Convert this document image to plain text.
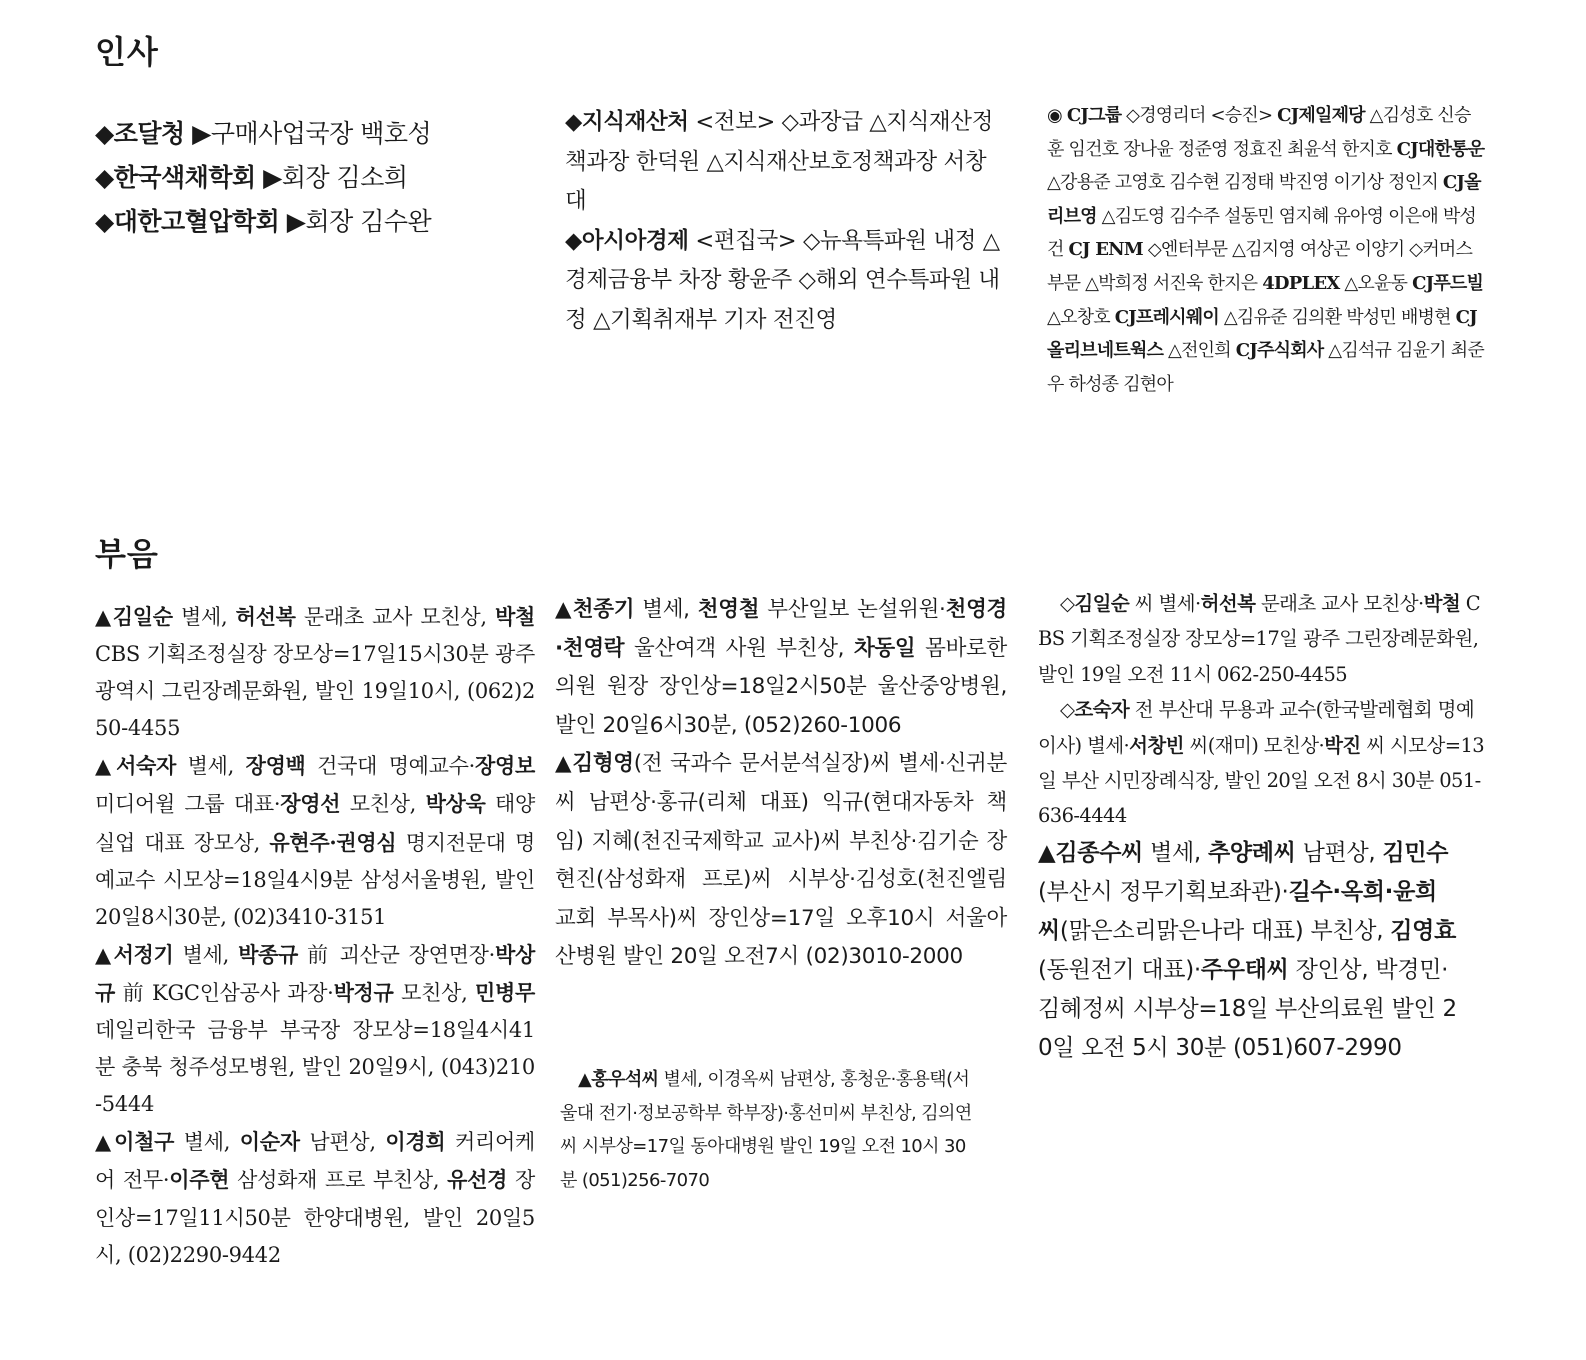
인사
부음

◆조달청 ▶구매사업국장 백호성

◆한국색채학회 ▶회장 김소희

◆대한고혈압학회 ▶회장 김수완

◆지식재산처 <전보> ◇과장급 △지식재산정책과장 한덕원 △지식재산보호정책과장 서창대

◆아시아경제 <편집국> ◇뉴욕특파원 내정 △경제금융부 차장 황윤주 ◇해외 연수특파원 내정 △기획취재부 기자 전진영

◉ CJ그룹 ◇경영리더 <승진> CJ제일제당 △김성호 신승훈 임건호 장나윤 정준영 정효진 최윤석 한지호 CJ대한통운 △강용준 고영호 김수현 김정태 박진영 이기상 정인지 CJ올리브영 △김도영 김수주 설동민 염지혜 유아영 이은애 박성건 CJ ENM ◇엔터부문 △김지영 여상곤 이양기 ◇커머스부문 △박희정 서진욱 한지은 4DPLEX △오윤동 CJ푸드빌 △오창호 CJ프레시웨이 △김유준 김의환 박성민 배병현 CJ올리브네트웍스 △전인희 CJ주식회사 △김석규 김윤기 최준우 하성종 김현아

▲김일순 별세, 허선복 문래초 교사 모친상, 박철 CBS 기획조정실장 장모상=17일15시30분 광주광역시 그린장례문화원, 발인 19일10시, (062)250-4455

▲서숙자 별세, 장영백 건국대 명예교수·장영보 미디어윌 그룹 대표·장영선 모친상, 박상욱 태양실업 대표 장모상, 유현주·권영심 명지전문대 명예교수 시모상=18일4시9분 삼성서울병원, 발인 20일8시30분, (02)3410-3151

▲서정기 별세, 박종규 前 괴산군 장연면장·박상규 前 KGC인삼공사 과장·박정규 모친상, 민병무 데일리한국 금융부 부국장 장모상=18일4시41분 충북 청주성모병원, 발인 20일9시, (043)210-5444

▲이철구 별세, 이순자 남편상, 이경희 커리어케어 전무·이주현 삼성화재 프로 부친상, 유선경 장인상=17일11시50분 한양대병원, 발인 20일5시, (02)2290-9442

▲천종기 별세, 천영철 부산일보 논설위원·천영경·천영락 울산여객 사원 부친상, 차동일 몸바로한의원 원장 장인상=18일2시50분 울산중앙병원, 발인 20일6시30분, (052)260-1006

▲김형영(전 국과수 문서분석실장)씨 별세·신귀분씨 남편상·홍규(리체 대표) 익규(현대자동차 책임) 지혜(천진국제학교 교사)씨 부친상·김기순 장현진(삼성화재 프로)씨 시부상·김성호(천진엘림교회 부목사)씨 장인상=17일 오후10시 서울아산병원 발인 20일 오전7시 (02)3010-2000

▲홍우석씨 별세, 이경옥씨 남편상, 홍청운·홍용택(서울대 전기·정보공학부 학부장)·홍선미씨 부친상, 김의연씨 시부상=17일 동아대병원 발인 19일 오전 10시 30분 (051)256-7070

◇김일순 씨 별세·허선복 문래초 교사 모친상·박철 CBS 기획조정실장 장모상=17일 광주 그린장례문화원, 발인 19일 오전 11시 062-250-4455

◇조숙자 전 부산대 무용과 교수(한국발레협회 명예이사) 별세·서창빈 씨(재미) 모친상·박진 씨 시모상=13일 부산 시민장례식장, 발인 20일 오전 8시 30분 051-636-4444

▲김종수씨 별세, 추양례씨 남편상, 김민수(부산시 정무기획보좌관)·길수·옥희·윤희씨(맑은소리맑은나라 대표) 부친상, 김영효(동원전기 대표)·주우태씨 장인상, 박경민·김혜정씨 시부상=18일 부산의료원 발인 20일 오전 5시 30분 (051)607-2990
